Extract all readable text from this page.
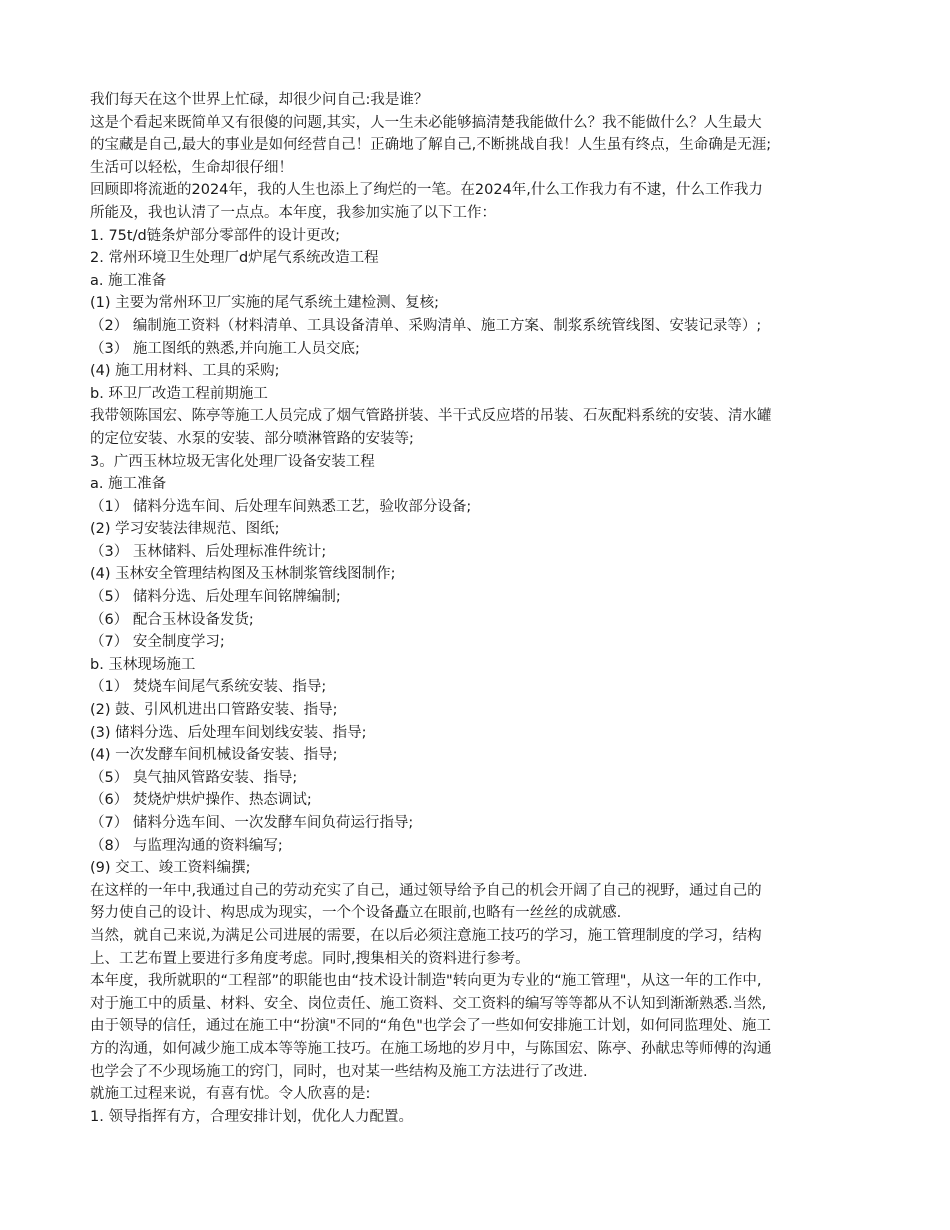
我们每天在这个世界上忙碌，却很少问自己:我是谁？
这是个看起来既简单又有很傻的问题,其实，人一生未必能够搞清楚我能做什么？我不能做什么？人生最大
的宝藏是自己,最大的事业是如何经营自己！正确地了解自己,不断挑战自我！人生虽有终点，生命确是无涯;
生活可以轻松，生命却很仔细！
回顾即将流逝的2024年，我的人生也添上了绚烂的一笔。在2024年,什么工作我力有不逮，什么工作我力
所能及，我也认清了一点点。本年度，我参加实施了以下工作：
1. 75t/d链条炉部分零部件的设计更改;
2. 常州环境卫生处理厂d炉尾气系统改造工程
a. 施工准备
(1) 主要为常州环卫厂实施的尾气系统土建检测、复核;
（2） 编制施工资料（材料清单、工具设备清单、采购清单、施工方案、制浆系统管线图、安装记录等）;
（3） 施工图纸的熟悉,并向施工人员交底;
(4) 施工用材料、工具的采购;
b. 环卫厂改造工程前期施工
我带领陈国宏、陈亭等施工人员完成了烟气管路拼装、半干式反应塔的吊装、石灰配料系统的安装、清水罐
的定位安装、水泵的安装、部分喷淋管路的安装等;
3。广西玉林垃圾无害化处理厂设备安装工程
a. 施工准备
（1） 储料分选车间、后处理车间熟悉工艺，验收部分设备;
(2) 学习安装法律规范、图纸;
（3） 玉林储料、后处理标准件统计;
(4) 玉林安全管理结构图及玉林制浆管线图制作;
（5） 储料分选、后处理车间铭牌编制;
（6） 配合玉林设备发货;
（7） 安全制度学习;
b. 玉林现场施工
（1） 焚烧车间尾气系统安装、指导;
(2) 鼓、引风机进出口管路安装、指导;
(3) 储料分选、后处理车间划线安装、指导;
(4) 一次发酵车间机械设备安装、指导;
（5） 臭气抽风管路安装、指导;
（6） 焚烧炉烘炉操作、热态调试;
（7） 储料分选车间、一次发酵车间负荷运行指导;
（8） 与监理沟通的资料编写;
(9) 交工、竣工资料编撰;
在这样的一年中,我通过自己的劳动充实了自己，通过领导给予自己的机会开阔了自己的视野，通过自己的
努力使自己的设计、构思成为现实，一个个设备矗立在眼前,也略有一丝丝的成就感.
当然，就自己来说,为满足公司进展的需要，在以后必须注意施工技巧的学习，施工管理制度的学习，结构
上、工艺布置上要进行多角度考虑。同时,搜集相关的资料进行参考。
本年度，我所就职的“工程部”的职能也由“技术设计制造"转向更为专业的“施工管理"，从这一年的工作中,
对于施工中的质量、材料、安全、岗位责任、施工资料、交工资料的编写等等都从不认知到渐渐熟悉.当然,
由于领导的信任，通过在施工中“扮演"不同的“角色"也学会了一些如何安排施工计划，如何同监理处、施工
方的沟通，如何减少施工成本等等施工技巧。在施工场地的岁月中，与陈国宏、陈亭、孙献忠等师傅的沟通
也学会了不少现场施工的窍门，同时，也对某一些结构及施工方法进行了改进.
就施工过程来说，有喜有忧。令人欣喜的是:
1. 领导指挥有方，合理安排计划，优化人力配置。
